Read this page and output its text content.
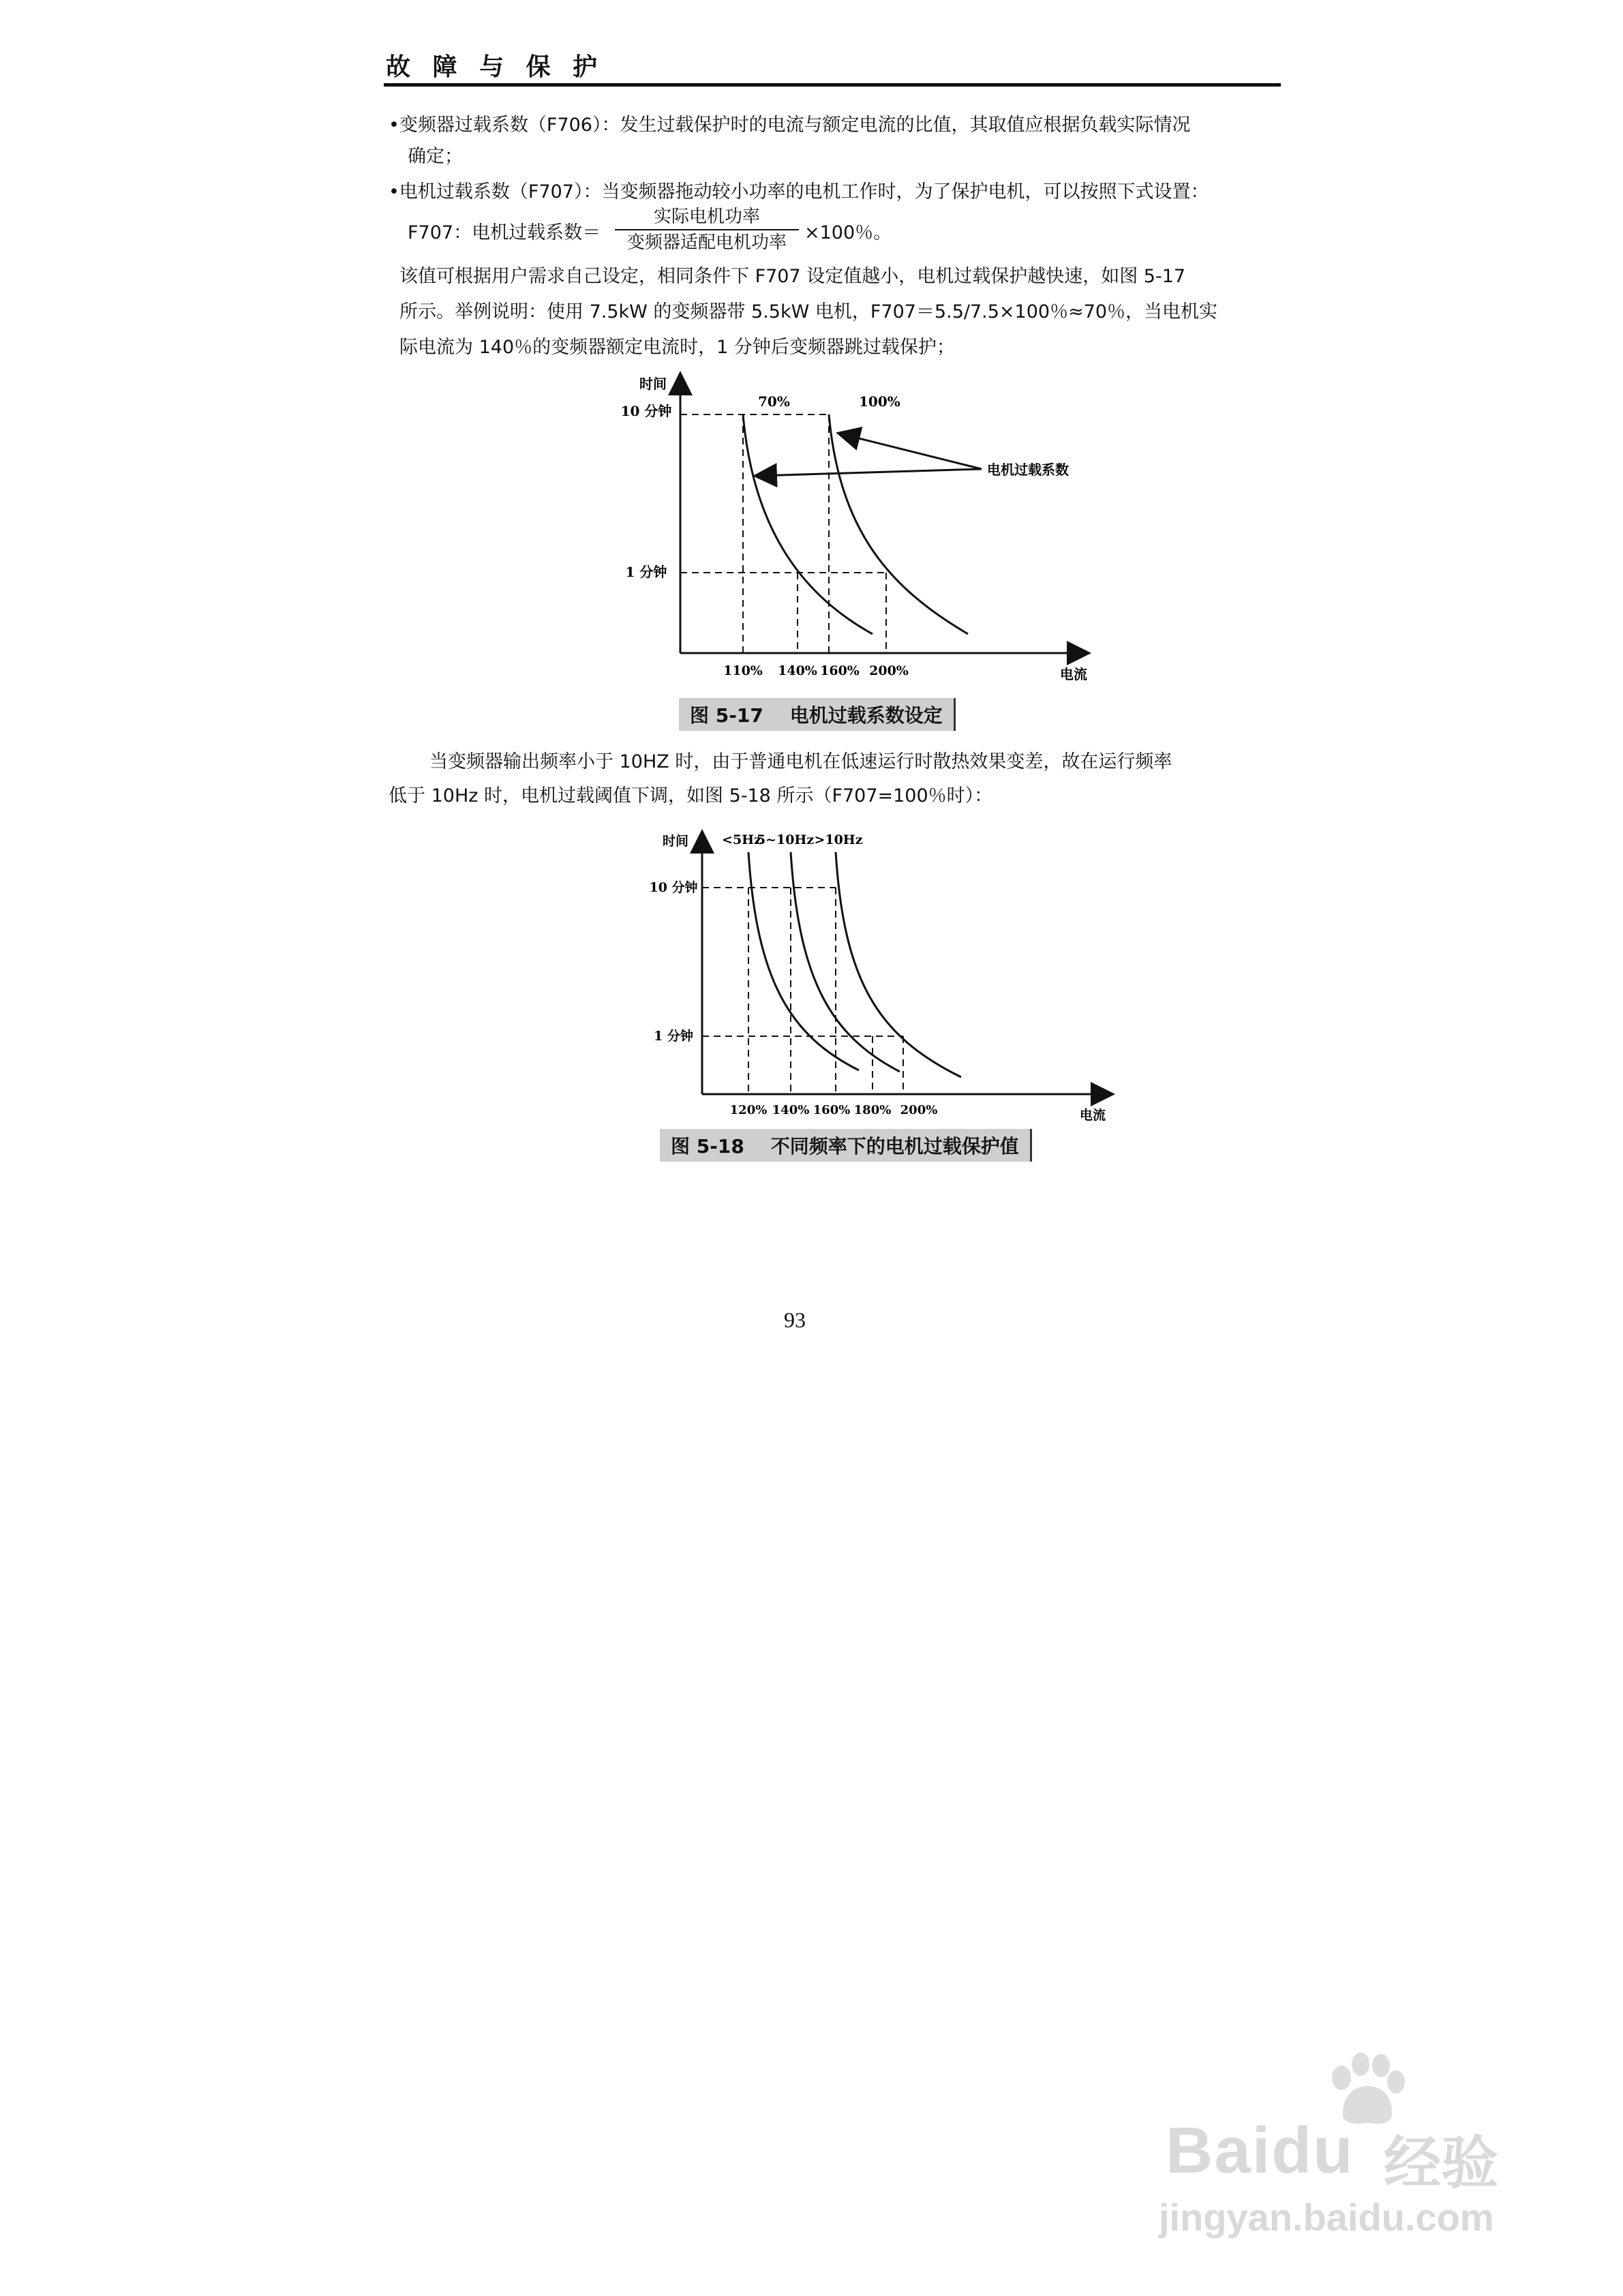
故 障 与 保 护
•变频器过载系数（F706）：发生过载保护时的电流与额定电流的比值，其取值应根据负载实际情况
确定；
•电机过载系数（F707）：当变频器拖动较小功率的电机工作时，为了保护电机，可以按照下式设置：
F707：电机过载系数＝
实际电机功率
变频器适配电机功率 ×100％。
该值可根据用户需求自己设定，相同条件下 F707 设定值越小，电机过载保护越快速，如图 5-17
所示。举例说明：使用 7.5kW 的变频器带 5.5kW 电机，F707＝5.5/7.5×100％≈70％，当电机实
际电流为 140％的变频器额定电流时，1 分钟后变频器跳过载保护；
时间
电流
10 分钟
1 分钟
70%	100%
电机过载系数
110% 140% 160% 200%
图 5-17    电机过载系数设定
当变频器输出频率小于 10HZ 时，由于普通电机在低速运行时散热效果变差，故在运行频率
低于 10Hz 时，电机过载阈值下调，如图 5-18 所示（F707=100％时）：
时间
电流
10 分钟
1 分钟
<5Hz
5~10Hz >10Hz
120% 140% 160% 180% 200%
图 5-18    不同频率下的电机过载保护值
93
Baidu 经验
jingyan.baidu.com
